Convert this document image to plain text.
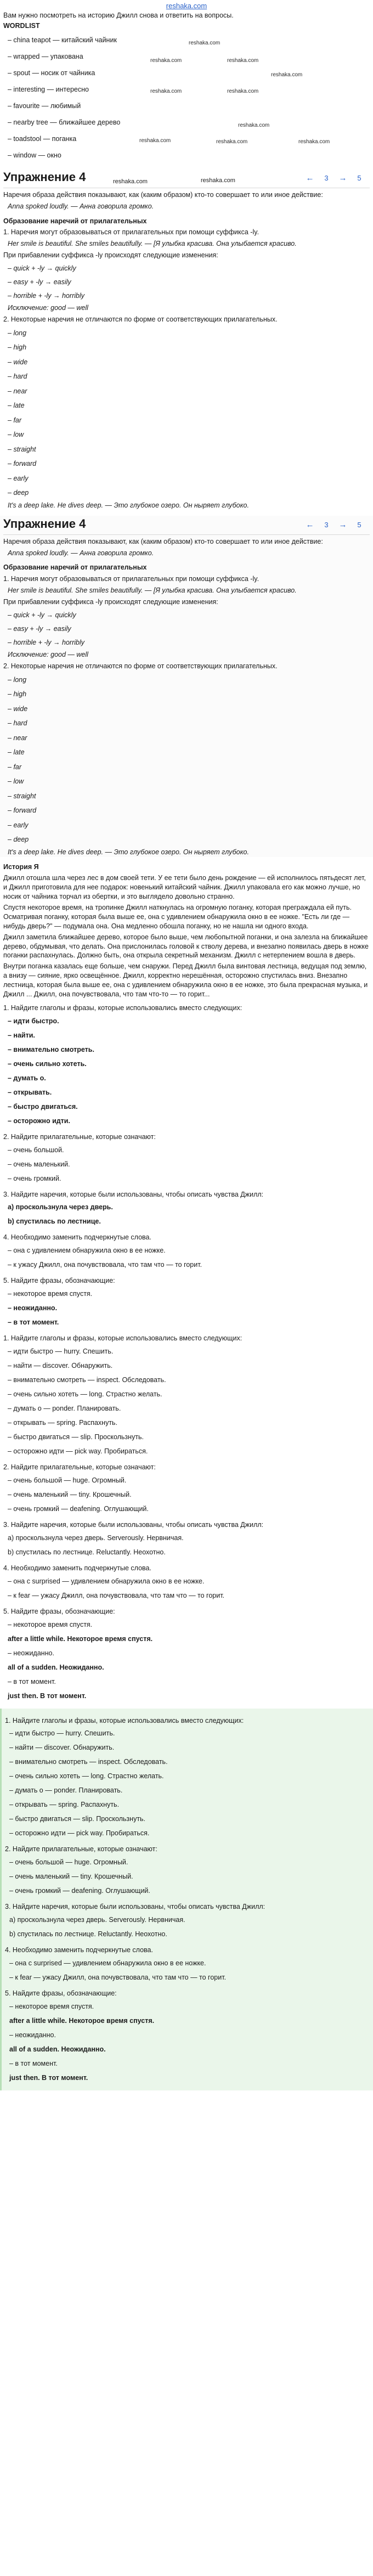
reshaka.com
Вам нужно посмотреть на историю Джилл снова и ответить на вопросы.
WORDLIST
– china teapot — китайский чайник	reshaka.com
– wrapped — упакована
reshaka.com	reshaka.com
– spout — носик от чайника	reshaka.com
– interesting — интересно	reshaka.com	reshaka.com
– favourite — любимый
– nearby tree — ближайшее дерево	reshaka.com
– toadstool — поганка	reshaka.com	reshaka.com	reshaka.com
– window — окно
Упражнение 4	reshaka.com	reshaka.com	←	3	→	5

Наречия образа действия показывают, как (каким образом) кто-то совершает то или иное действие:

Anna spoked loudly. — Анна говорила громко.
Образование наречий от прилагательных

1. Наречия могут образовываться от прилагательных при помощи суффикса -ly.

Her smile is beautiful. She smiles beautifully. — [Я улыбка красива. Она улыбается красиво.

При прибавлении суффикса -ly происходят следующие изменения:

– quick + -ly → quickly
– easy + -ly → easily
– horrible + -ly → horribly
Исключение: good — well

2. Некоторые наречия не отличаются по форме от соответствующих прилагательных.

– long
– high
– wide
– hard
– near
– late
– far
– low
– straight
– forward
– early
– deep
It's a deep lake. He dives deep. — Это глубокое озеро. Он ныряет глубоко.
Упражнение 4	←	3	→	5

Наречия образа действия показывают, как (каким образом) кто-то совершает то или иное действие:

Anna spoked loudly. — Анна говорила громко.
Образование наречий от прилагательных

1. Наречия могут образовываться от прилагательных при помощи суффикса -ly.

Her smile is beautiful. She smiles beautifully. — [Я улыбка красива. Она улыбается красиво.

При прибавлении суффикса -ly происходят следующие изменения:

– quick + -ly → quickly
– easy + -ly → easily
– horrible + -ly → horribly
Исключение: good — well

2. Некоторые наречия не отличаются по форме от соответствующих прилагательных.

– long
– high
– wide
– hard
– near
– late
– far
– low
– straight
– forward
– early
– deep
It's a deep lake. He dives deep. — Это глубокое озеро. Он ныряет глубоко.
История Я

Джилл отошла шла через лес в дом своей тети. У ее тети было день рождение — ей исполнилось пятьдесят лет, и Джилл приготовила для нее подарок: новенький китайский чайник. Джилл упаковала его как можно лучше, но носик от чайника торчал из обертки, и это выглядело довольно странно.

Спустя некоторое время, на тропинке Джилл наткнулась на огромную поганку, которая преграждала ей путь. Осматривая поганку, которая была выше ее, она с удивлением обнаружила окно в ее ножке. "Есть ли где — нибудь дверь?" — подумала она. Она медленно обошла поганку, но не нашла ни одного входа.

Джилл заметила ближайшее дерево, которое было выше, чем любопытной поганки, и она залезла на ближайшее дерево, обдумывая, что делать. Она прислонилась головой к стволу дерева, и внезапно появилась дверь в ножке поганки распахнулась. Должно быть, она открыла секретный механизм. Джилл с нетерпением вошла в дверь.

Внутри поганка казалась еще больше, чем снаружи. Перед Джилл была винтовая лестница, ведущая под землю, а внизу — сияние, ярко освещённое. Джилл, корректно нерешённая, осторожно спустилась вниз. Внезапно лестница, которая была выше ее, она с удивлением обнаружила окно в ее ножке, это была прекрасная музыка, и Джилл ... Джилл, она почувствовала, что там что-то — то горит...

1. Найдите глаголы и фразы, которые использовались вместо следующих:
– идти быстро.
– найти.
– внимательно смотреть.
– очень сильно хотеть.
– думать о.
– открывать.
– быстро двигаться.
– осторожно идти.
2. Найдите прилагательные, которые означают:
– очень большой.
– очень маленький.
– очень громкий.
3. Найдите наречия, которые были использованы, чтобы описать чувства Джилл:
a) проскользнула через дверь.
b) спустилась по лестнице.
4. Необходимо заменить подчеркнутые слова.
– она с удивлением обнаружила окно в ее ножке.
– к ужасу Джилл, она почувствовала, что там что — то горит.
5. Найдите фразы, обозначающие:
– некоторое время спустя.
– неожиданно.
– в тот момент.
1. Найдите глаголы и фразы, которые использовались вместо следующих:
– идти быстро — hurry. Спешить.
– найти — discover. Обнаружить.
– внимательно смотреть — inspect. Обследовать.
– очень сильно хотеть — long. Страстно желать.
– думать о — ponder. Планировать.
– открывать — spring. Распахнуть.
– быстро двигаться — slip. Проскользнуть.
– осторожно идти — pick way. Пробираться.
2. Найдите прилагательные, которые означают:
– очень большой — huge. Огромный.
– очень маленький — tiny. Крошечный.
– очень громкий — deafening. Оглушающий.
3. Найдите наречия, которые были использованы, чтобы описать чувства Джилл:
a) проскользнула через дверь. Serverously. Нервничая.
b) спустилась по лестнице. Reluctantly. Неохотно.
4. Необходимо заменить подчеркнутые слова.
– она с surprised — удивлением обнаружила окно в ее ножке.
– к fear — ужасу Джилл, она почувствовала, что там что — то горит.
5. Найдите фразы, обозначающие:
– некоторое время спустя.
after a little while. Некоторое время спустя.
– неожиданно.
all of a sudden. Неожиданно.
– в тот момент.
just then. В тот момент.
1. Найдите глаголы и фразы, которые использовались вместо следующих:
– идти быстро — hurry. Спешить.
– найти — discover. Обнаружить.
– внимательно смотреть — inspect. Обследовать.
– очень сильно хотеть — long. Страстно желать.
– думать о — ponder. Планировать.
– открывать — spring. Распахнуть.
– быстро двигаться — slip. Проскользнуть.
– осторожно идти — pick way. Пробираться.
2. Найдите прилагательные, которые означают:
– очень большой — huge. Огромный.
– очень маленький — tiny. Крошечный.
– очень громкий — deafening. Оглушающий.
3. Найдите наречия, которые были использованы, чтобы описать чувства Джилл:
a) проскользнула через дверь. Serverously. Нервничая.
b) спустилась по лестнице. Reluctantly. Неохотно.
4. Необходимо заменить подчеркнутые слова.
– она с surprised — удивлением обнаружила окно в ее ножке.
– к fear — ужасу Джилл, она почувствовала, что там что — то горит.
5. Найдите фразы, обозначающие:
– некоторое время спустя.
after a little while. Некоторое время спустя.
– неожиданно.
all of a sudden. Неожиданно.
– в тот момент.
just then. В тот момент.
